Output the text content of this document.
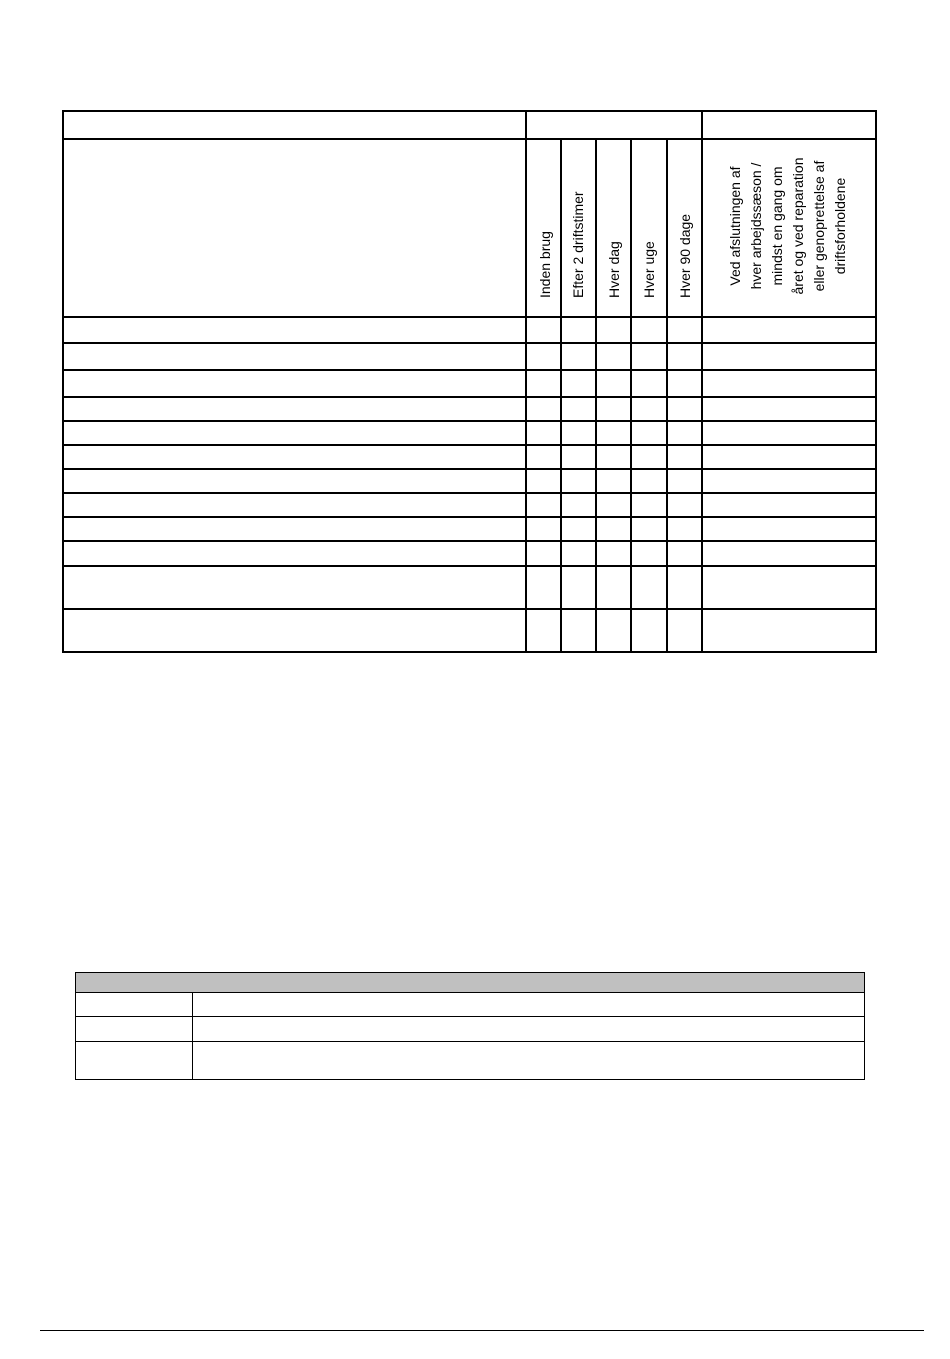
Inden brug Efter 2 driftstimer Hver dag Hver uge Hver 90 dage Ved afslutningen af hver arbejdssæson / mindst en gang om året og ved reparation eller genoprettelse af driftsforholdene
